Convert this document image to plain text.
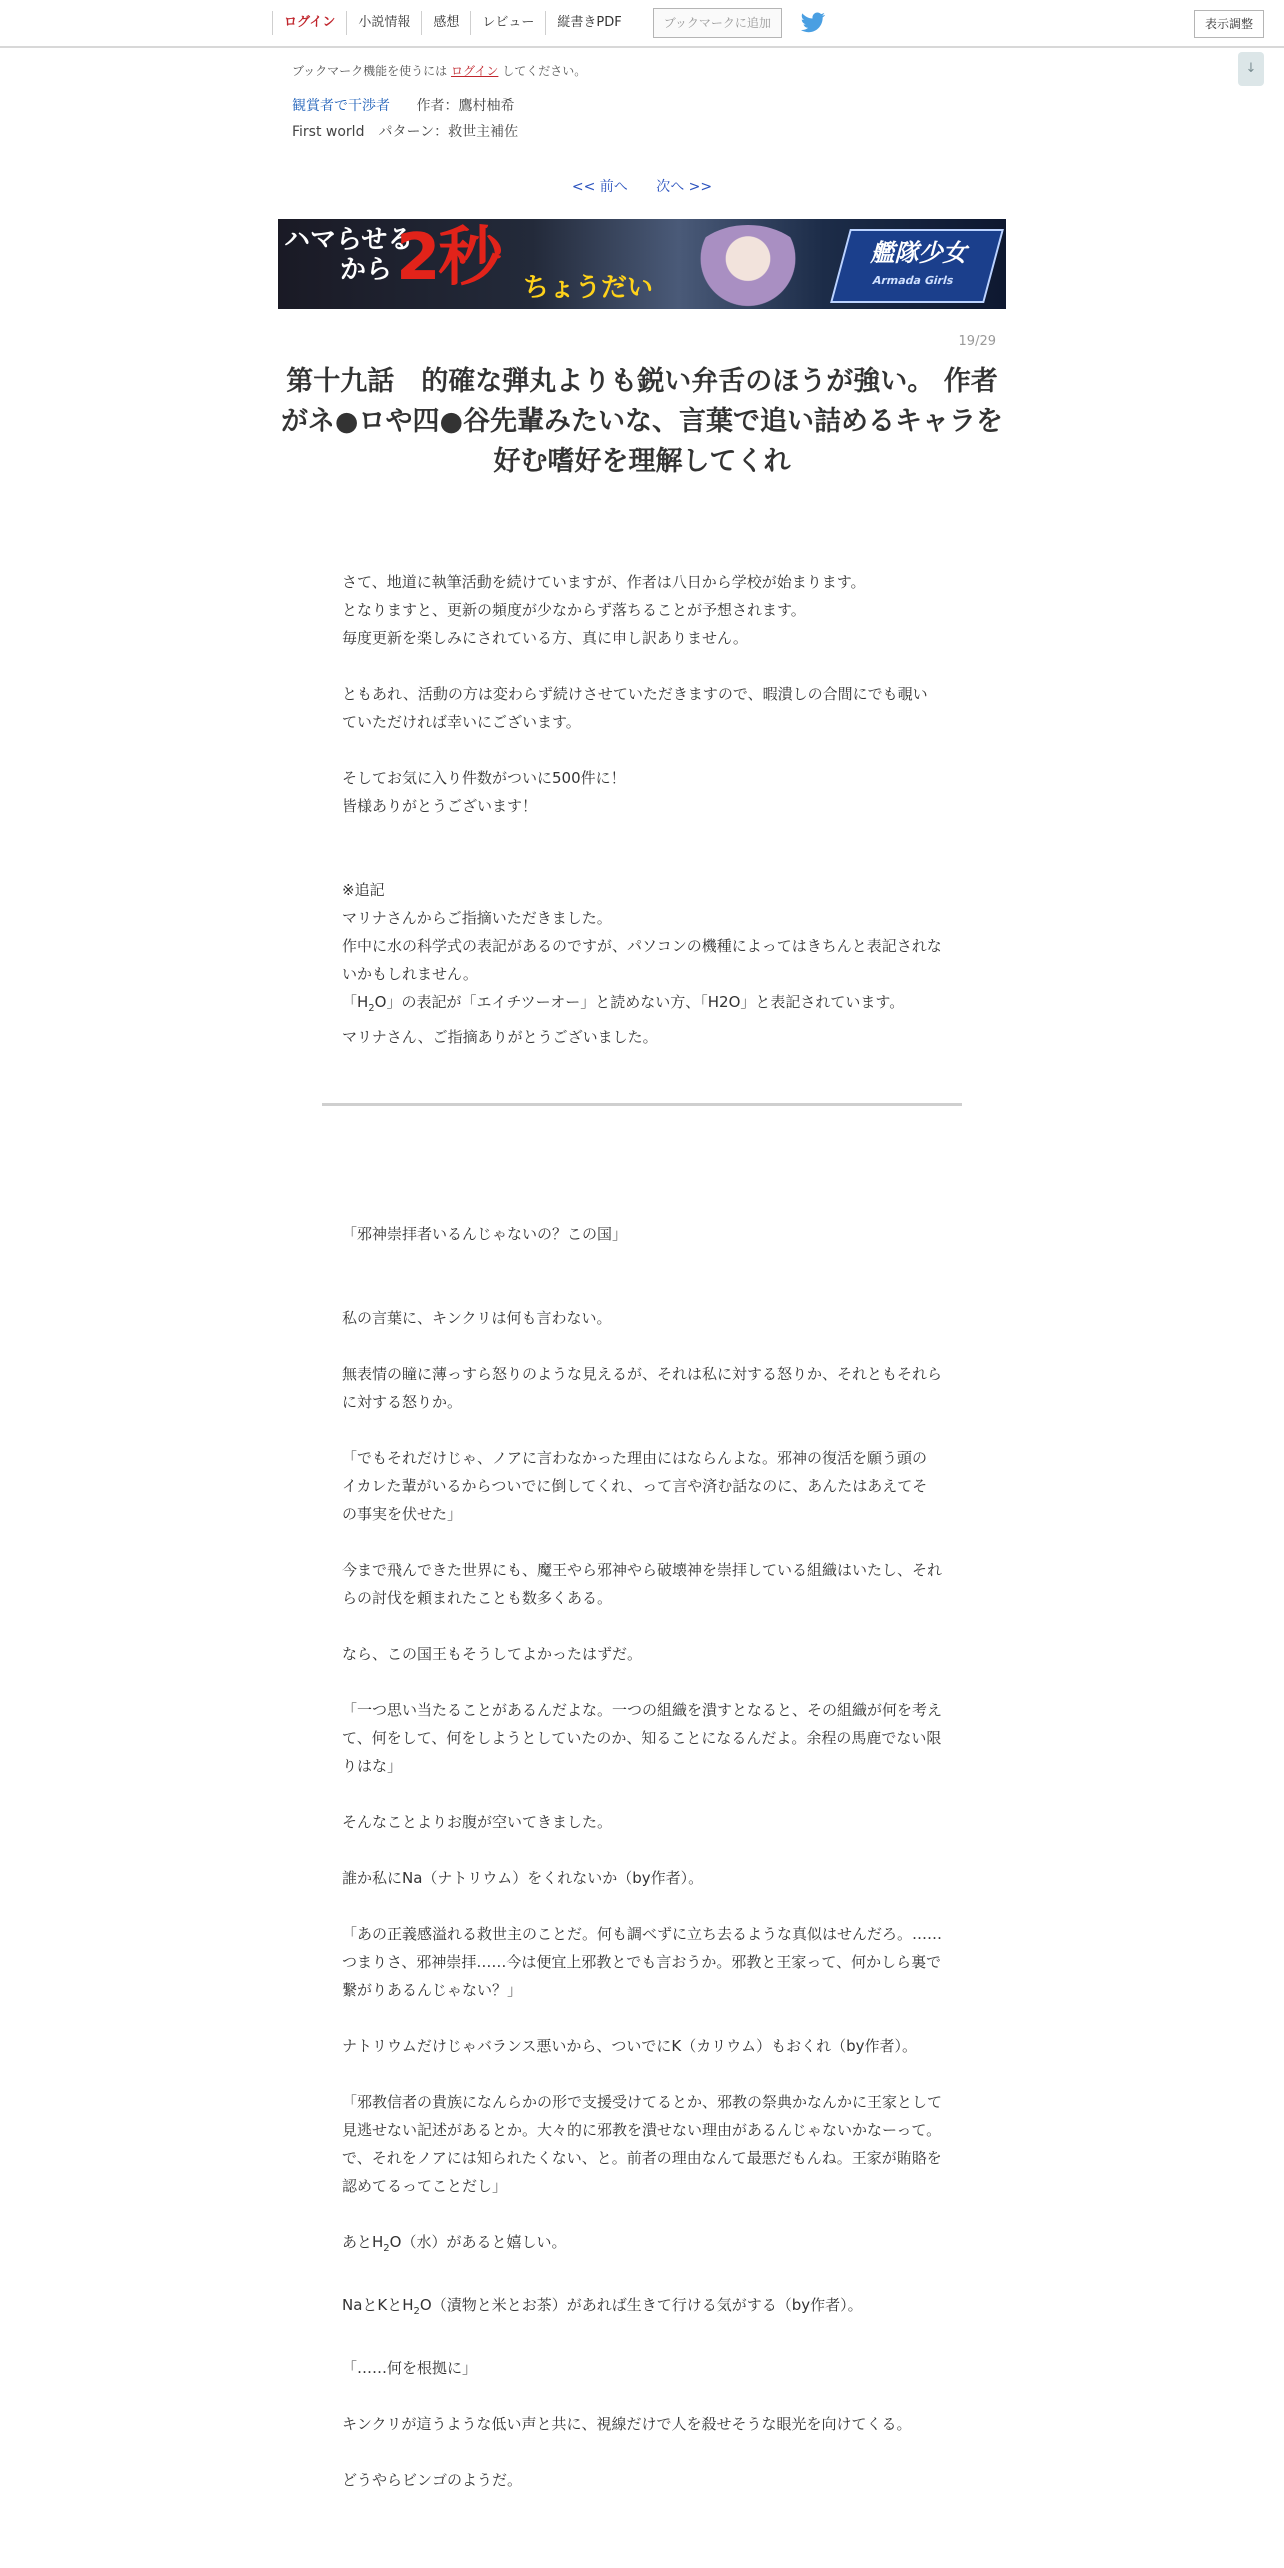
ログイン	小説情報	感想	レビュー	縦書きPDF	ブックマークに追加	表示調整
↓
ブックマーク機能を使うには ログイン してください。
観賞者で干渉者 作者：鷹村柚希
First world　パターン：救世主補佐
<< 前へ 次へ >>
ハマらせる
から 2秒 ちょうだい
艦隊少女
Armada Girls
19/29
第十九話　的確な弾丸よりも鋭い弁舌のほうが強い。 作者がネ●ロや四●谷先輩みたいな、言葉で追い詰めるキャラを好む嗜好を理解してくれ

さて、地道に執筆活動を続けていますが、作者は八日から学校が始まります。

となりますと、更新の頻度が少なからず落ちることが予想されます。

毎度更新を楽しみにされている方、真に申し訳ありません。

ともあれ、活動の方は変わらず続けさせていただきますので、暇潰しの合間にでも覗いていただければ幸いにございます。

そしてお気に入り件数がついに500件に！

皆様ありがとうございます！

※追記

マリナさんからご指摘いただきました。

作中に水の科学式の表記があるのですが、パソコンの機種によってはきちんと表記されないかもしれません。

「$H_2O$」の表記が「エイチツーオー」と読めない方、「H2O」と表記されています。

マリナさん、ご指摘ありがとうございました。

「邪神崇拝者いるんじゃないの？この国」

私の言葉に、キンクリは何も言わない。

無表情の瞳に薄っすら怒りのような見えるが、それは私に対する怒りか、それともそれらに対する怒りか。

「でもそれだけじゃ、ノアに言わなかった理由にはならんよな。邪神の復活を願う頭のイカレた輩がいるからついでに倒してくれ、って言や済む話なのに、あんたはあえてその事実を伏せた」

今まで飛んできた世界にも、魔王やら邪神やら破壊神を崇拝している組織はいたし、それらの討伐を頼まれたことも数多くある。

なら、この国王もそうしてよかったはずだ。

「一つ思い当たることがあるんだよな。一つの組織を潰すとなると、その組織が何を考えて、何をして、何をしようとしていたのか、知ることになるんだよ。余程の馬鹿でない限りはな」

そんなことよりお腹が空いてきました。

誰か私にNa（ナトリウム）をくれないか（by作者）。

「あの正義感溢れる救世主のことだ。何も調べずに立ち去るような真似はせんだろ。……つまりさ、邪神崇拝……今は便宜上邪教とでも言おうか。邪教と王家って、何かしら裏で繋がりあるんじゃない？」

ナトリウムだけじゃバランス悪いから、ついでにK（カリウム）もおくれ（by作者）。

「邪教信者の貴族になんらかの形で支援受けてるとか、邪教の祭典かなんかに王家として見逃せない記述があるとか。大々的に邪教を潰せない理由があるんじゃないかなーって。で、それをノアには知られたくない、と。前者の理由なんて最悪だもんね。王家が賄賂を認めてるってことだし」

あと$H_2O$（水）があると嬉しい。

NaとKと$H_2O$（漬物と米とお茶）があれば生きて行ける気がする（by作者）。

「……何を根拠に」

キンクリが這うような低い声と共に、視線だけで人を殺せそうな眼光を向けてくる。

どうやらビンゴのようだ。
